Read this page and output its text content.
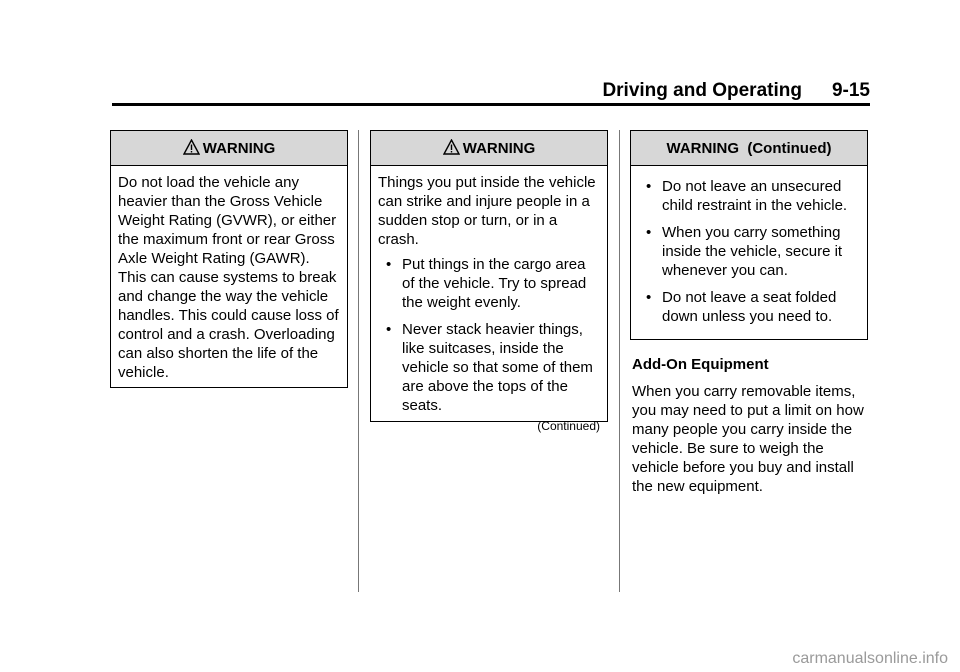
Driving and Operating 9-15
WARNING

Do not load the vehicle any heavier than the Gross Vehicle Weight Rating (GVWR), or either the maximum front or rear Gross Axle Weight Rating (GAWR). This can cause systems to break and change the way the vehicle handles. This could cause loss of control and a crash. Overloading can also shorten the life of the vehicle.

WARNING

Things you put inside the vehicle can strike and injure people in a sudden stop or turn, or in a crash.

• Put things in the cargo area of the vehicle. Try to spread the weight evenly.
• Never stack heavier things, like suitcases, inside the vehicle so that some of them are above the tops of the seats.
(Continued)
WARNING  (Continued)
• Do not leave an unsecured child restraint in the vehicle.
• When you carry something inside the vehicle, secure it whenever you can.
• Do not leave a seat folded down unless you need to.
Add-On Equipment

When you carry removable items, you may need to put a limit on how many people you carry inside the vehicle. Be sure to weigh the vehicle before you buy and install the new equipment.

carmanualsonline.info
